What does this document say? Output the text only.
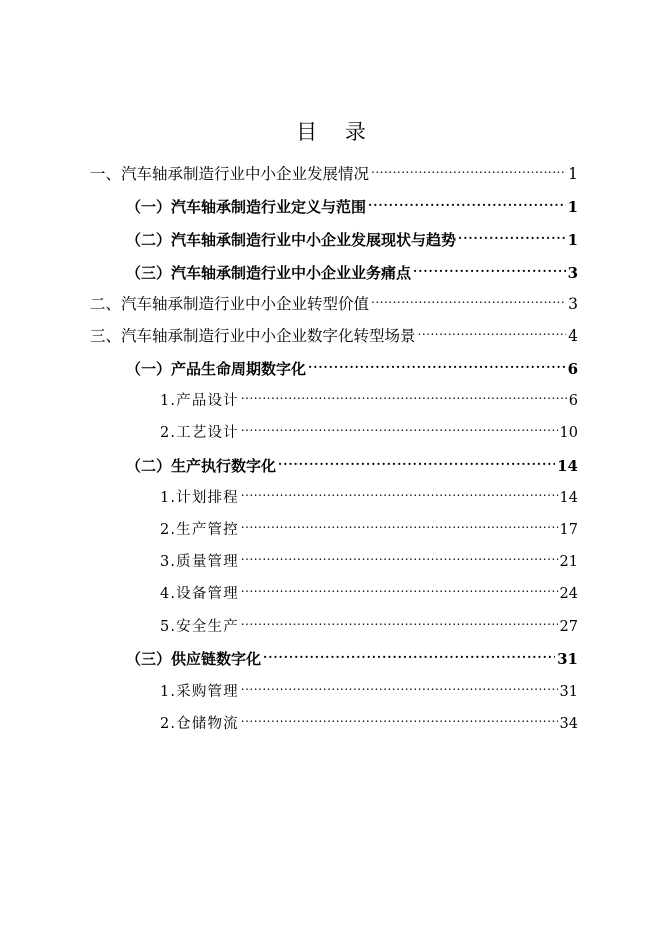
目 录
一、汽车轴承制造行业中小企业发展情况 .....	1
（一）汽车轴承制造行业定义与范围 .....	1
（二）汽车轴承制造行业中小企业发展现状与趋势 .....	1
（三）汽车轴承制造行业中小企业业务痛点 .....	3
二、汽车轴承制造行业中小企业转型价值 .....	3
三、汽车轴承制造行业中小企业数字化转型场景 .....	4
（一）产品生命周期数字化 .....	6
1.产品设计 .....	6
2.工艺设计 .....	10
（二）生产执行数字化 .....	14
1.计划排程 .....	14
2.生产管控 .....	17
3.质量管理 .....	21
4.设备管理 .....	24
5.安全生产 .....	27
（三）供应链数字化 .....	31
1.采购管理 .....	31
2.仓储物流 .....	34
